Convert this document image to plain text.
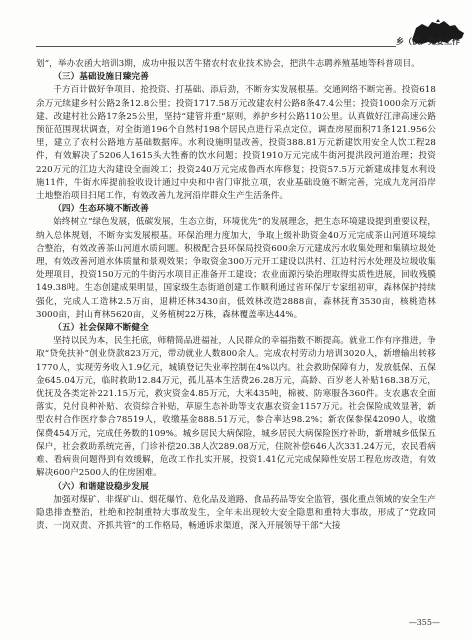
乡（镇）党委工作

划”，举办农函大培训3期，成功申报以苦牛猪农村农业技术协会，把洪牛志聘养殖基地等科普项目。

（三）基础设施日臻完善

千方百计做好争项目、抢投资、打基础、添后劲，不断夯实发展根基。交通网络不断完善。投资618余万元续建乡村公路2条12.8公里；投资1717.58万元改建农村公路8条47.4公里；投资1000余万元新建、改建村社公路17条25公里，坚持“建管并重”原则，养护乡村公路110公里。认真做好江津高速公路预征范围现状调查，对全街道196个自然村198个居民点进行采点定位，调查房屋面积71条121.956公里，建立了农村公路地方基础数据库。水利设施明显改善，投资388.81万元新建饮用安全人饮工程28件，有效解决了5206人1615头大牲畜的饮水问题；投资1910万元完成牛街河提洪段河道治理；投资220万元的江边大沟建设全面竣工；投资240万元完成鲁西水库修复；投资57.5万元新建成排复水利设施11件，牛街水库提前验收设计通过中央和中省门审批立项，农业基础设施不断完善，完成九龙河沿岸土地整治项目扫尾工作，有效改善九龙河沿岸群众生产生活条件。

（四）生态环境不断改善

始终树立“绿色发展，低碳发展，生态立街，环境优先”的发展理念，把生态环境建设提到重要议程，纳入总体规划，不断夯实发展根基。环保治理力度加大，争取上级补助资金40万元完成茶山河道环境综合整治，有效改善茶山河道水质问题。积极配合县环保局投资600余万元建成污水收集处理和集镇垃圾处理，有效改善河道水体质量和景观效果；争取资金300万元开工建设以洪村、江边村污水处理及垃圾收集处理项目，投资150万元的牛街污水项目正准备开工建设；农业面源污染治理取得实质性进展，回收残膜149.38吨。生态创建成果明显，国家级生态街道创建工作顺利通过省环保厅专家组初审，森林保护持续强化，完成人工造林2.5万亩，退耕还林3430亩，低效林改造2888亩，森林抚育3530亩，核桃造林3000亩，封山育林5620亩，义务植树22万株，森林覆盖率达44%。

（五）社会保障不断健全

坚持以民为本，民生托底，师精简品进福祉，人民群众的幸福指数不断提高。就业工作有序推进，争取“贷免扶补”创业贷款823万元，带动就业人数800余人。完成农村劳动力培训3020人，新增输出转移1770人，实现劳务收入1.9亿元，城镇登记失业率控制在4%以内。社会救助保障有力，发放低保、五保金645.04万元，临时救助12.84万元，孤儿基本生活费26.28万元，高龄、百岁老人补贴168.38万元，优抚及各类定补221.15万元，救灾资金4.85万元，大米435吨，棉被、防寒服各360件。支农惠农全面落实，兑付良种补贴、农资综合补贴，草原生态补助等支农惠农资金1157万元。社会保险成效显著，新型农村合作医疗参合78519人，收缴基金888.51万元，参合率达98.2%；新农保参保42090人，收缴保费454万元，完成任务数的109%。城乡居民大病保险，城乡居民大病保险医疗补助，新增城乡低保五保户，社会救助系统完善，门诊补偿20.38人次289.08万元，住院补偿646人次331.24万元，农民看病难、看病贵问题得到有效缓解，危改工作扎实开展，投资1.41亿元完成保障性安居工程危房改造，有效解决600户2500人的住房困难。

（六）和谐建设稳步发展

加强对煤矿、非煤矿山、烟花爆竹、危化品及道路、食品药品等安全监管，强化重点领域的安全生产隐患排查整治，杜绝和控制重特大事故发生，全年未出现较大安全隐患和重特大事故，形成了“党政同责、一岗双责、齐抓共管”的工作格局，畅通诉求渠道，深入开展领导干部“大接

—355—
